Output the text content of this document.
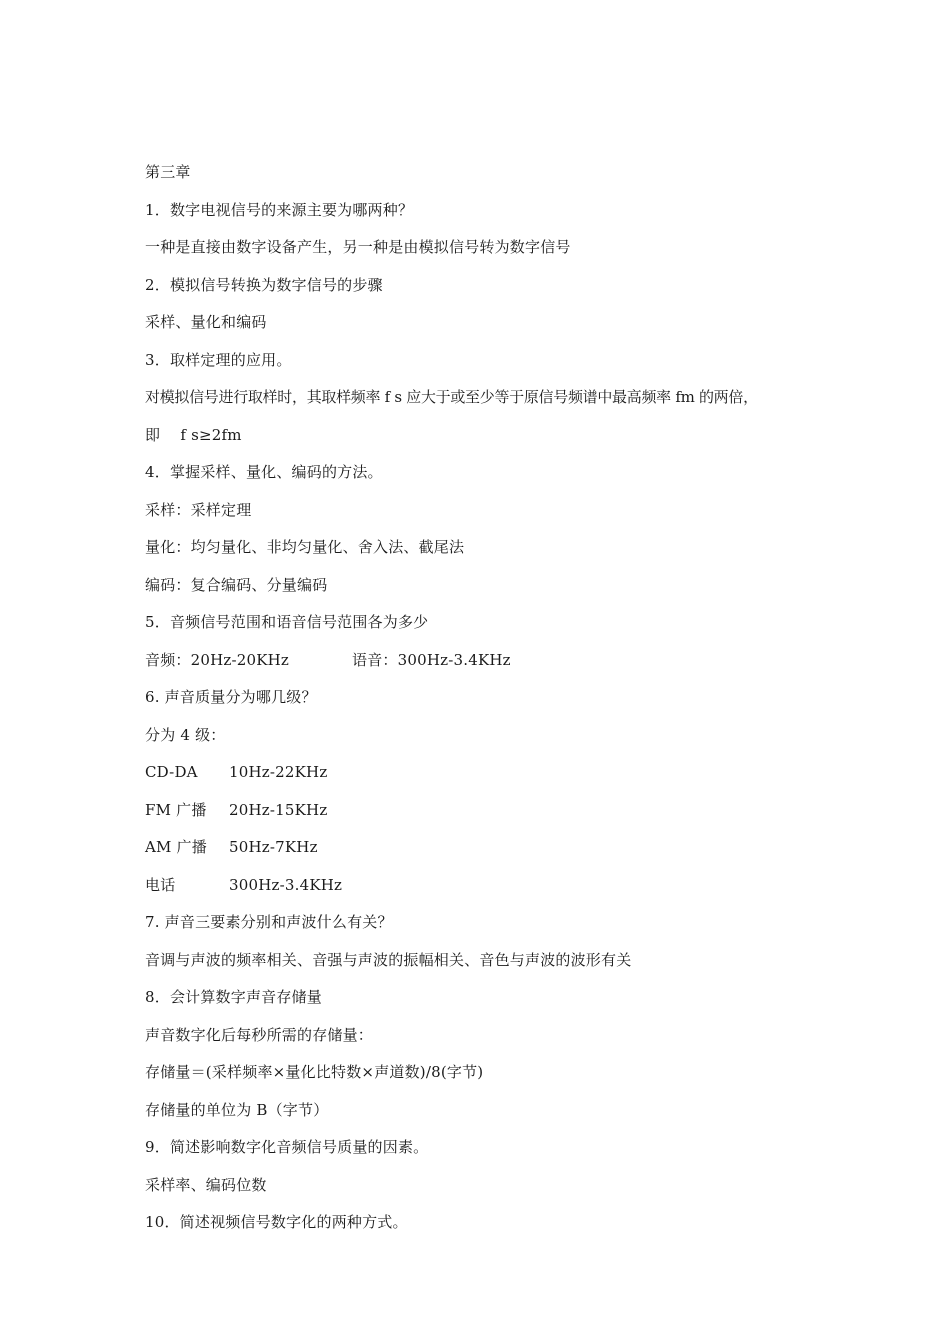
第三章
1．数字电视信号的来源主要为哪两种？
一种是直接由数字设备产生，另一种是由模拟信号转为数字信号
2．模拟信号转换为数字信号的步骤
采样、量化和编码
3．取样定理的应用。
对模拟信号进行取样时，其取样频率 f s 应大于或至少等于原信号频谱中最高频率 fm 的两倍，
即　 f s≥2fm
4．掌握采样、量化、编码的方法。
采样：采样定理
量化：均匀量化、非均匀量化、舍入法、截尾法
编码：复合编码、分量编码
5．音频信号范围和语音信号范围各为多少
音频：20Hz-20KHz	语音：300Hz-3.4KHz
6. 声音质量分为哪几级？
分为 4 级：
CD-DA 10Hz-22KHz
FM 广播 20Hz-15KHz
AM 广播 50Hz-7KHz
电话	300Hz-3.4KHz
7. 声音三要素分别和声波什么有关？
音调与声波的频率相关、音强与声波的振幅相关、音色与声波的波形有关
8．会计算数字声音存储量
声音数字化后每秒所需的存储量：
存储量＝(采样频率×量化比特数×声道数)/8(字节)
存储量的单位为 B（字节）
9．简述影响数字化音频信号质量的因素。
采样率、编码位数
10．简述视频信号数字化的两种方式。
